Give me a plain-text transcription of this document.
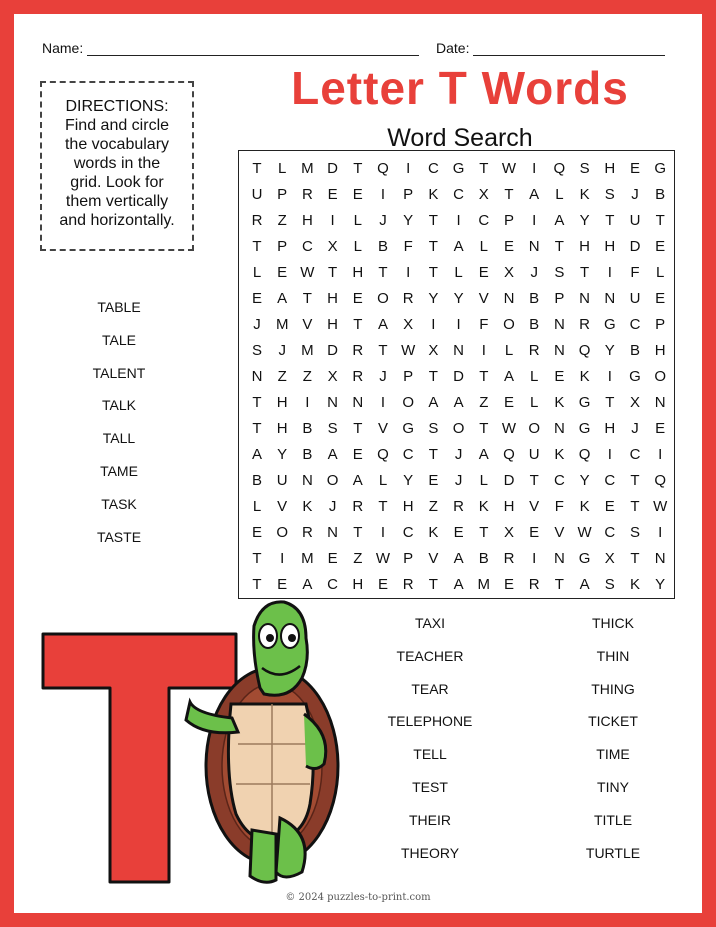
Name:	Date:
Letter T Words
Word Search
DIRECTIONS:
Find and circle
the vocabulary
words in the
grid. Look for
them vertically
and horizontally.
T	L M D	T Q	I	C G T W	I	Q S H E G
U P R E	E	I	P	K C X	T	A	L	K	S	J	B
R	Z	H	I	L	J	Y	T	I	C P	I	A	Y	T	U	T
T	P C X	L	B	F	T	A	L	E N	T	H H D E
L	E W T	H	T	I	T	L	E	X	J	S	T	I	F	L
E	A	T	H E O R Y	Y	V N B	P N N U E
J	M V H	T	A	X	I	I	F O B N R G C P
S	J	M D R	T W X N	I	L	R N Q Y	B H
N	Z	Z	X R	J	P	T	D	T	A	L	E	K	I	G O
T	H	I	N N	I	O A	A	Z	E	L	K G T	X N
T	H B	S	T	V G S O T W O N G H	J	E
A	Y	B	A	E Q C	T	J	A Q U K Q	I	C	I
B U N O A	L	Y	E	J	L	D	T	C Y C	T Q
L	V	K	J	R	T	H	Z	R K H V	F	K	E	T W
E O R N	T	I	C K	E	T	X	E	V W C S	I
T	I	M E	Z W P	V	A	B R	I	N G X	T	N
T	E	A C H E R	T	A M E R	T	A	S	K	Y
TABLE
TALE
TALENT
TALK
TALL
TAME
TASK
TASTE
TAXI
TEACHER
TEAR
TELEPHONE
TELL
TEST
THEIR
THEORY
THICK
THIN
THING
TICKET
TIME
TINY
TITLE
TURTLE
© 2024 puzzles-to-print.com
